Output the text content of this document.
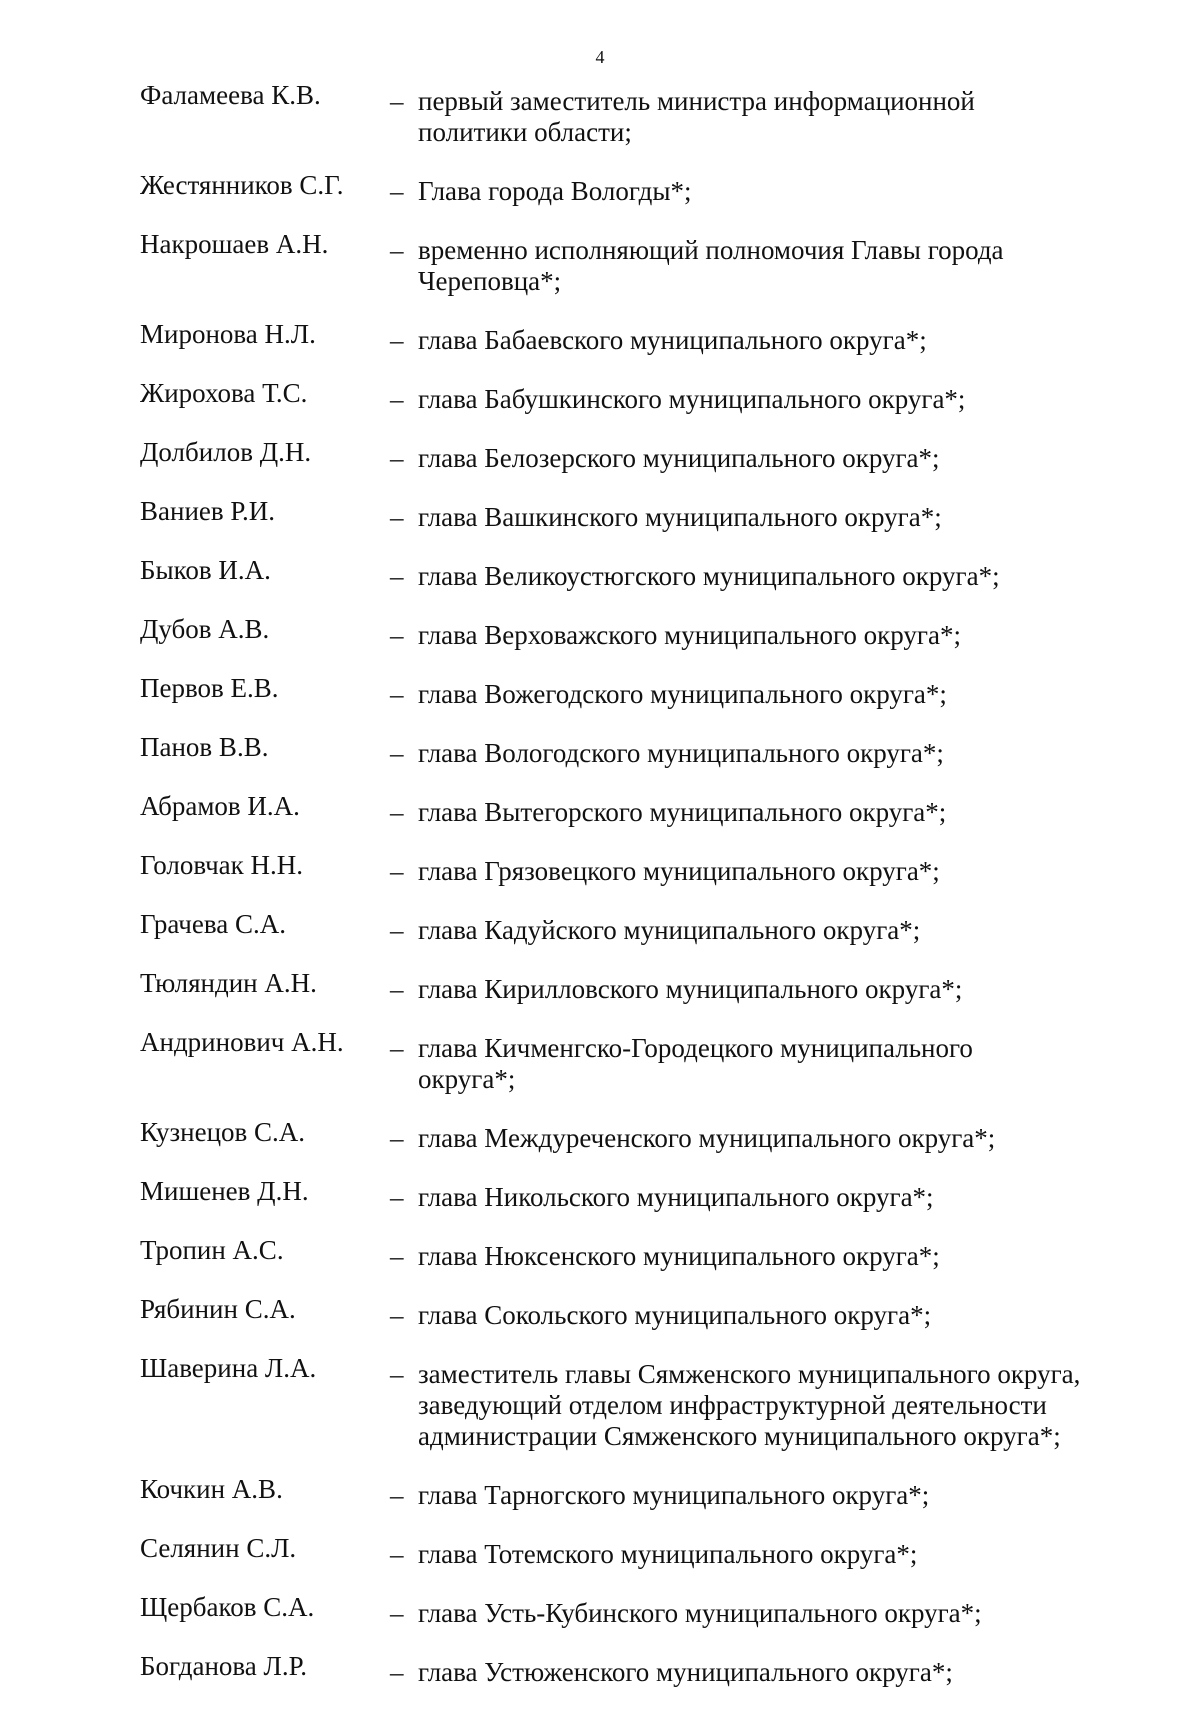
4
Фаламеева К.В.	– первый заместитель министра информационной политики области;
Жестянников С.Г.	– Глава города Вологды*;
Накрошаев А.Н.	– временно исполняющий полномочия Главы города Череповца*;
Миронова Н.Л.	– глава Бабаевского муниципального округа*;
Жирохова Т.С.	– глава Бабушкинского муниципального округа*;
Долбилов Д.Н.	– глава Белозерского муниципального округа*;
Ваниев Р.И.	– глава Вашкинского муниципального округа*;
Быков И.А.	– глава Великоустюгского муниципального округа*;
Дубов А.В.	– глава Верховажского муниципального округа*;
Первов Е.В.	– глава Вожегодского муниципального округа*;
Панов В.В.	– глава Вологодского муниципального округа*;
Абрамов И.А.	– глава Вытегорского муниципального округа*;
Головчак Н.Н.	– глава Грязовецкого муниципального округа*;
Грачева С.А.	– глава Кадуйского муниципального округа*;
Тюляндин А.Н.	– глава Кирилловского муниципального округа*;
Андринович А.Н.	– глава Кичменгско-Городецкого муниципального округа*;
Кузнецов С.А.	– глава Междуреченского муниципального округа*;
Мишенев Д.Н.	– глава Никольского муниципального округа*;
Тропин А.С.	– глава Нюксенского муниципального округа*;
Рябинин С.А.	– глава Сокольского муниципального округа*;
Шаверина Л.А.	– заместитель главы Сямженского муниципального округа, заведующий отделом инфраструктурной деятельности администрации Сямженского муниципального округа*;
Кочкин А.В.	– глава Тарногского муниципального округа*;
Селянин С.Л.	– глава Тотемского муниципального округа*;
Щербаков С.А.	– глава Усть-Кубинского муниципального округа*;
Богданова Л.Р.	– глава Устюженского муниципального округа*;
